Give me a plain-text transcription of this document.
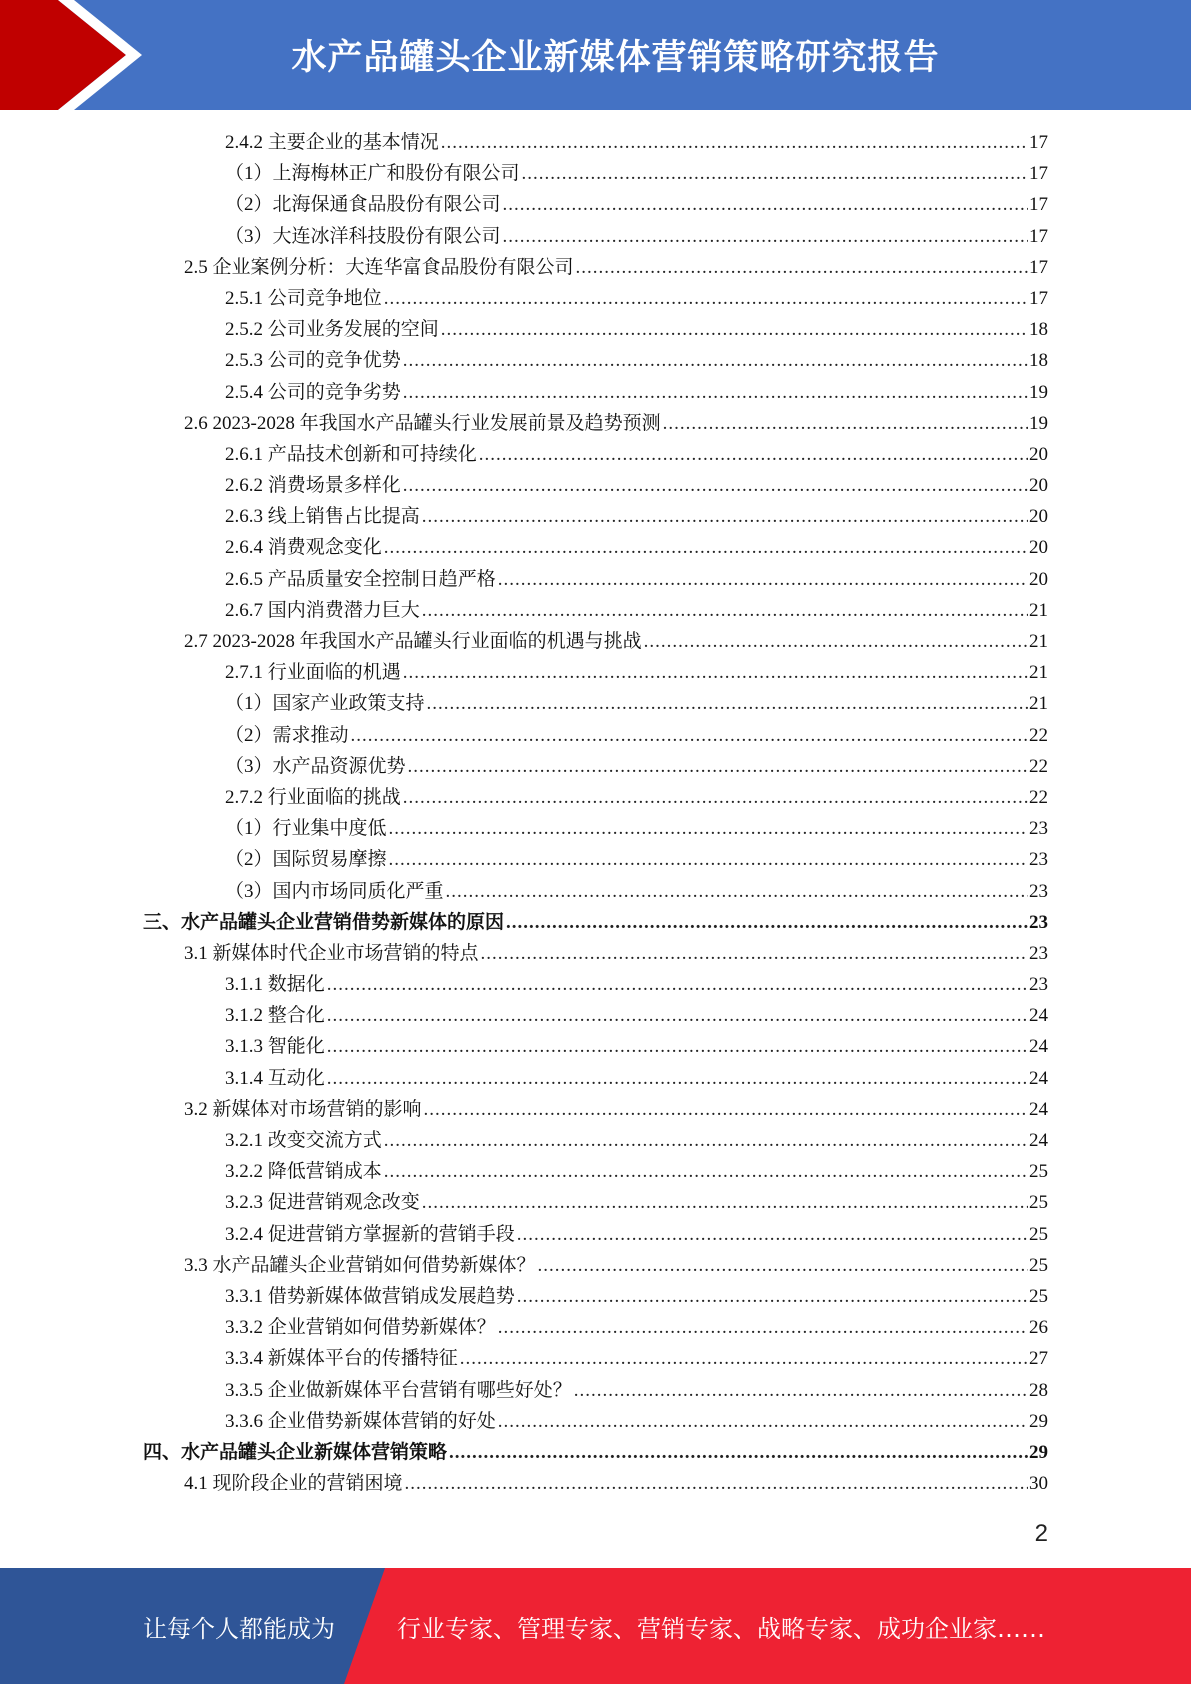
水产品罐头企业新媒体营销策略研究报告
2.4.2 主要企业的基本情况 .....	17
（1）上海梅林正广和股份有限公司 .....	17
（2）北海保通食品股份有限公司 .....	17
（3）大连冰洋科技股份有限公司 .....	17
2.5 企业案例分析：大连华富食品股份有限公司 .....	17
2.5.1 公司竞争地位 .....	17
2.5.2 公司业务发展的空间 .....	18
2.5.3 公司的竞争优势 .....	18
2.5.4 公司的竞争劣势 .....	19
2.6 2023-2028 年我国水产品罐头行业发展前景及趋势预测 .....	19
2.6.1 产品技术创新和可持续化 .....	20
2.6.2 消费场景多样化 .....	20
2.6.3 线上销售占比提高 .....	20
2.6.4 消费观念变化 .....	20
2.6.5 产品质量安全控制日趋严格 .....	20
2.6.7 国内消费潜力巨大 .....	21
2.7 2023-2028 年我国水产品罐头行业面临的机遇与挑战 .....	21
2.7.1 行业面临的机遇 .....	21
（1）国家产业政策支持 .....	21
（2）需求推动 .....	22
（3）水产品资源优势 .....	22
2.7.2 行业面临的挑战 .....	22
（1）行业集中度低 .....	23
（2）国际贸易摩擦 .....	23
（3）国内市场同质化严重 .....	23
三、水产品罐头企业营销借势新媒体的原因 .....	23
3.1 新媒体时代企业市场营销的特点 .....	23
3.1.1 数据化 .....	23
3.1.2 整合化 .....	24
3.1.3 智能化 .....	24
3.1.4 互动化 .....	24
3.2 新媒体对市场营销的影响 .....	24
3.2.1 改变交流方式 .....	24
3.2.2 降低营销成本 .....	25
3.2.3 促进营销观念改变 .....	25
3.2.4 促进营销方掌握新的营销手段 .....	25
3.3 水产品罐头企业营销如何借势新媒体？ .....	25
3.3.1 借势新媒体做营销成发展趋势 .....	25
3.3.2 企业营销如何借势新媒体？ .....	26
3.3.4 新媒体平台的传播特征 .....	27
3.3.5 企业做新媒体平台营销有哪些好处？ .....	28
3.3.6 企业借势新媒体营销的好处 .....	29
四、水产品罐头企业新媒体营销策略 .....	29
4.1 现阶段企业的营销困境 .....	30
2
让每个人都能成为	行业专家、管理专家、营销专家、战略专家、成功企业家……
